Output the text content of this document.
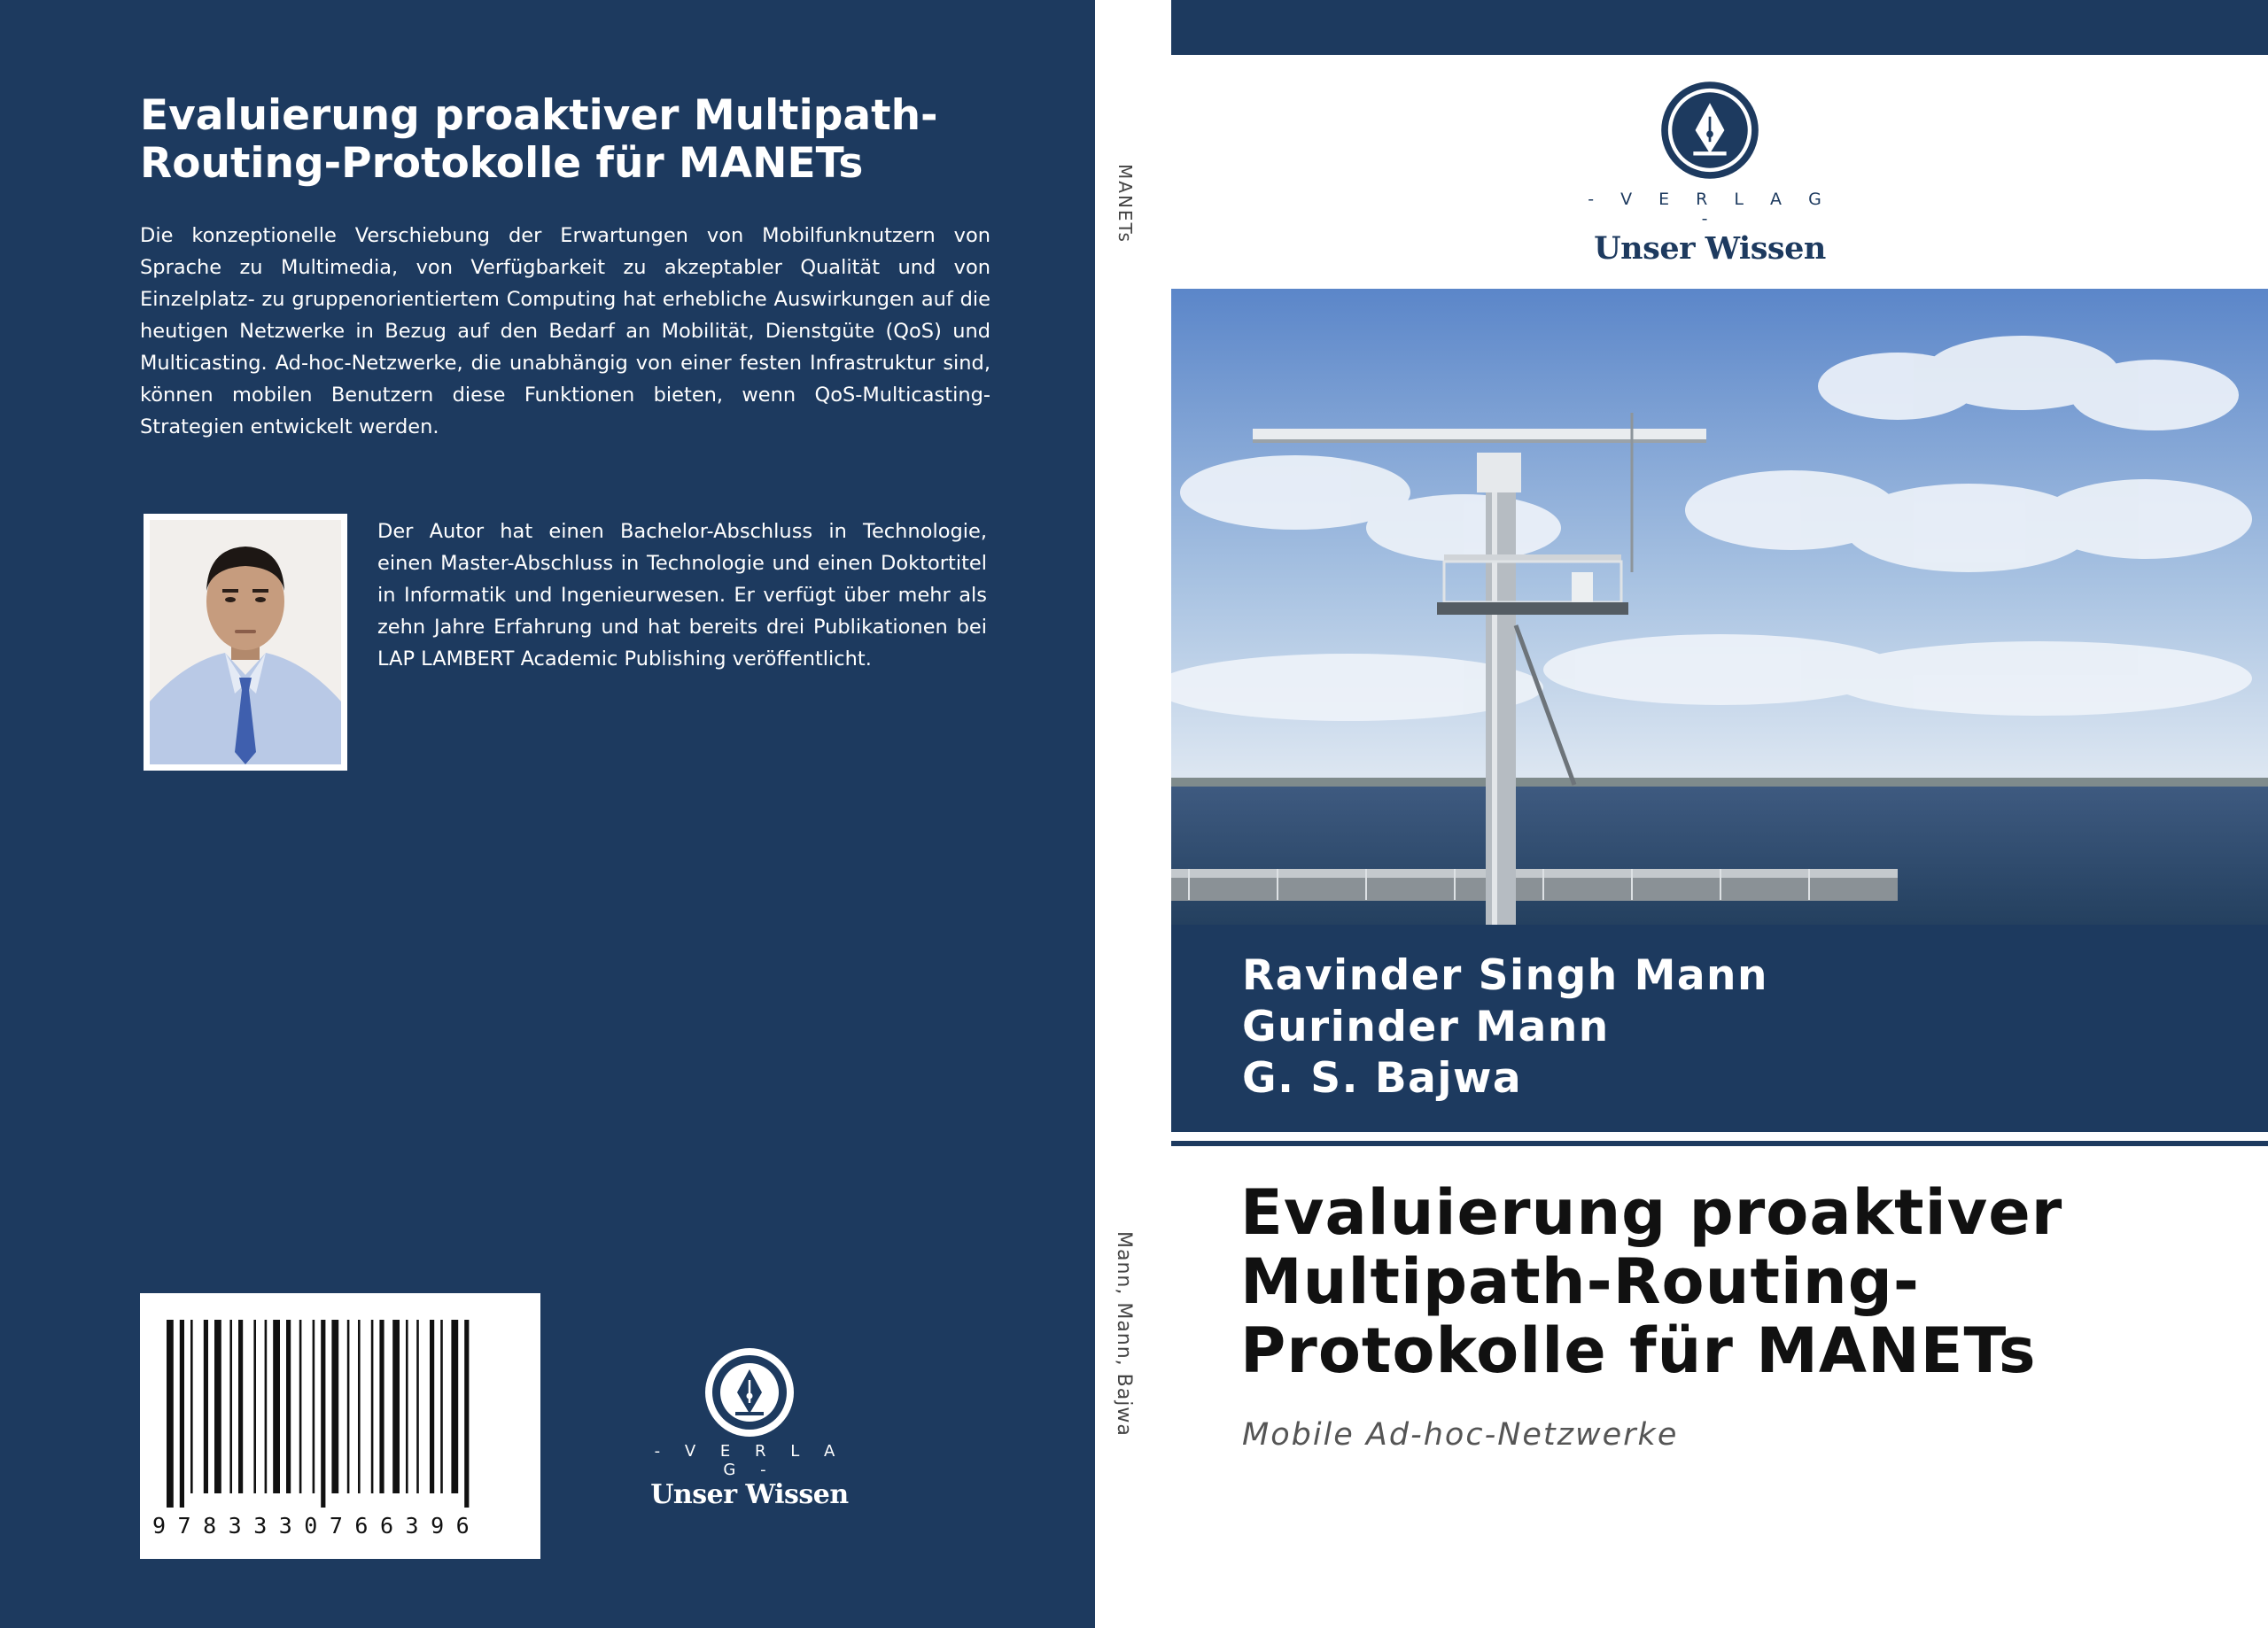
Evaluierung proaktiver Multipath-Routing-Protokolle für MANETs

Die konzeptionelle Verschiebung der Erwartungen von Mobilfunknutzern von Sprache zu Multimedia, von Verfügbarkeit zu akzeptabler Qualität und von Einzelplatz- zu gruppenorientiertem Computing hat erhebliche Auswirkungen auf die heutigen Netzwerke in Bezug auf den Bedarf an Mobilität, Dienstgüte (QoS) und Multicasting. Ad-hoc-Netzwerke, die unabhängig von einer festen Infrastruktur sind, können mobilen Benutzern diese Funktionen bieten, wenn QoS-Multicasting-Strategien entwickelt werden.

Der Autor hat einen Bachelor-Abschluss in Technologie, einen Master-Abschluss in Technologie und einen Doktortitel in Informatik und Ingenieurwesen. Er verfügt über mehr als zehn Jahre Erfahrung und hat bereits drei Publikationen bei LAP LAMBERT Academic Publishing veröffentlicht.

9783330766396
- V E R L A G -
Unser Wissen
MANETs
Mann, Mann, Bajwa
- V E R L A G -
Unser Wissen
Ravinder Singh Mann
Gurinder Mann
G. S. Bajwa
Evaluierung proaktiver
Multipath-Routing-
Protokolle für MANETs
Mobile Ad-hoc-Netzwerke
